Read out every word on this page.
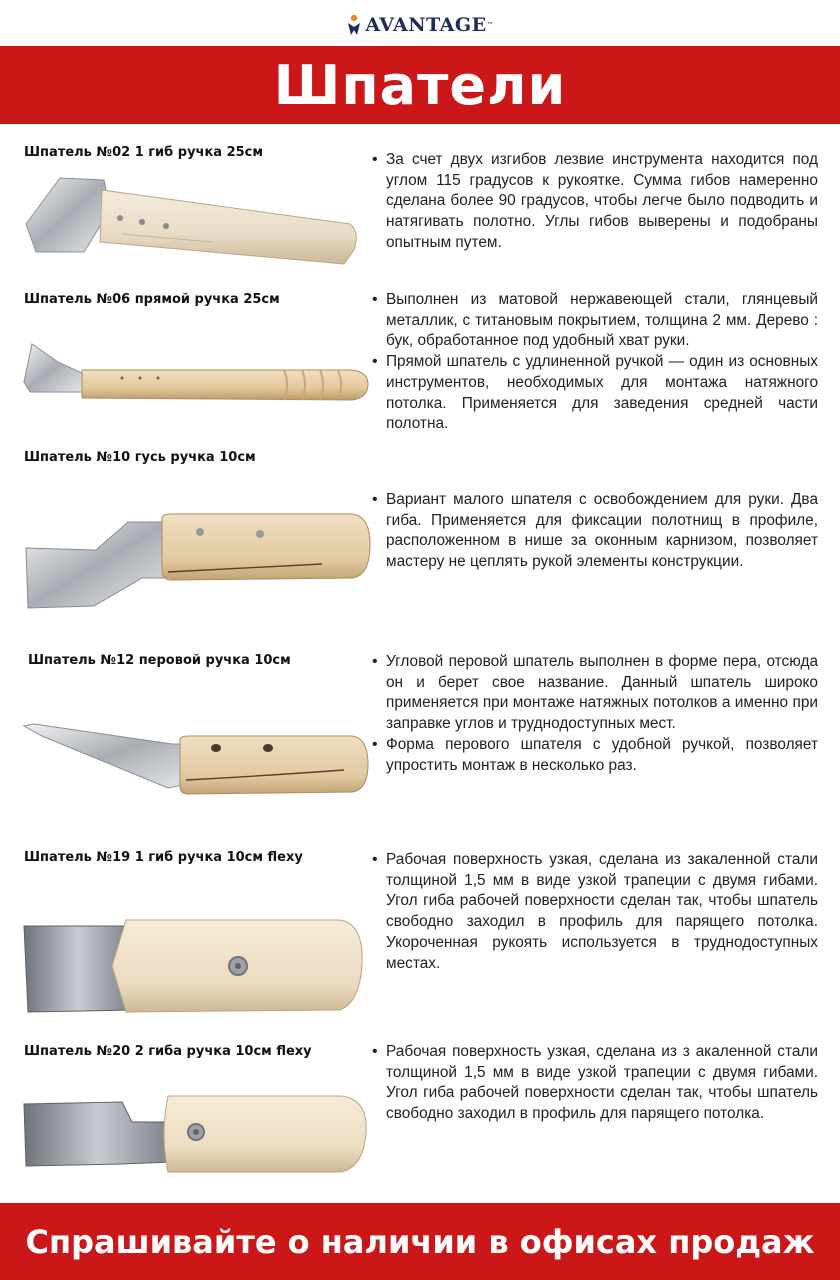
AVANTAGE ™
Шпатели
Шпатель №02 1 гиб ручка 25см	• За счет двух изгибов лезвие инструмента находится под углом 115 градусов к рукоятке. Сумма гибов намеренно сделана более 90 градусов, чтобы легче было подводить и натягивать полотно. Углы гибов выверены и подобраны опытным путем.

Шпатель №06 прямой ручка 25см	• Выполнен из матовой нержавеющей стали, глянцевый металлик, с титановым покрытием, толщина 2 мм. Дерево : бук, обработанное под удобный хват руки.

• Прямой шпатель с удлиненной ручкой — один из основных инструментов, необходимых для монтажа натяжного потолка. Применяется для заведения средней части полотна.

Шпатель №10 гусь ручка 10см

• Вариант малого шпателя с освобождением для руки. Два гиба. Применяется для фиксации полотнищ в профиле, расположенном в нише за оконным карнизом, позволяет мастеру не цеплять рукой элементы конструкции.

Шпатель №12 перовой ручка 10см	• Угловой перовой шпатель выполнен в форме пера, отсюда он и берет свое название. Данный шпатель широко применяется при монтаже натяжных потолков а именно при заправке углов и труднодоступных мест.

• Форма перового шпателя с удобной ручкой, позволяет упростить монтаж в несколько раз.

Шпатель №19 1 гиб ручка 10см flexy	• Рабочая поверхность узкая, сделана из закаленной стали толщиной 1,5 мм в виде узкой трапеции с двумя гибами. Угол гиба рабочей поверхности сделан так, чтобы шпатель свободно заходил в профиль для парящего потолка. Укороченная рукоять используется в труднодоступных местах.

Шпатель №20 2 гиба ручка 10см flexy	• Рабочая поверхность узкая, сделана из з акаленной стали толщиной 1,5 мм в виде узкой трапеции с двумя гибами. Угол гиба рабочей поверхности сделан так, чтобы шпатель свободно заходил в профиль для парящего потолка.

Спрашивайте о наличии в офисах продаж
